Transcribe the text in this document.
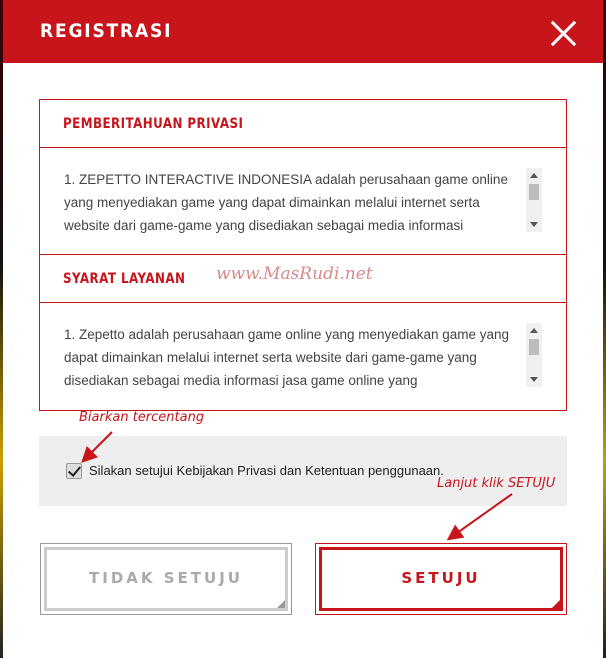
REGISTRASI
PEMBERITAHUAN PRIVASI
1. ZEPETTO INTERACTIVE INDONESIA adalah perusahaan game online yang menyediakan game yang dapat dimainkan melalui internet serta website dari game-game yang disediakan sebagai media informasi
SYARAT LAYANAN
1. Zepetto adalah perusahaan game online yang menyediakan game yang dapat dimainkan melalui internet serta website dari game-game yang disediakan sebagai media informasi jasa game online yang
Silakan setujui Kebijakan Privasi dan Ketentuan penggunaan.
TIDAK SETUJU	SETUJU
www.MasRudi.net
Biarkan tercentang
Lanjut klik SETUJU
